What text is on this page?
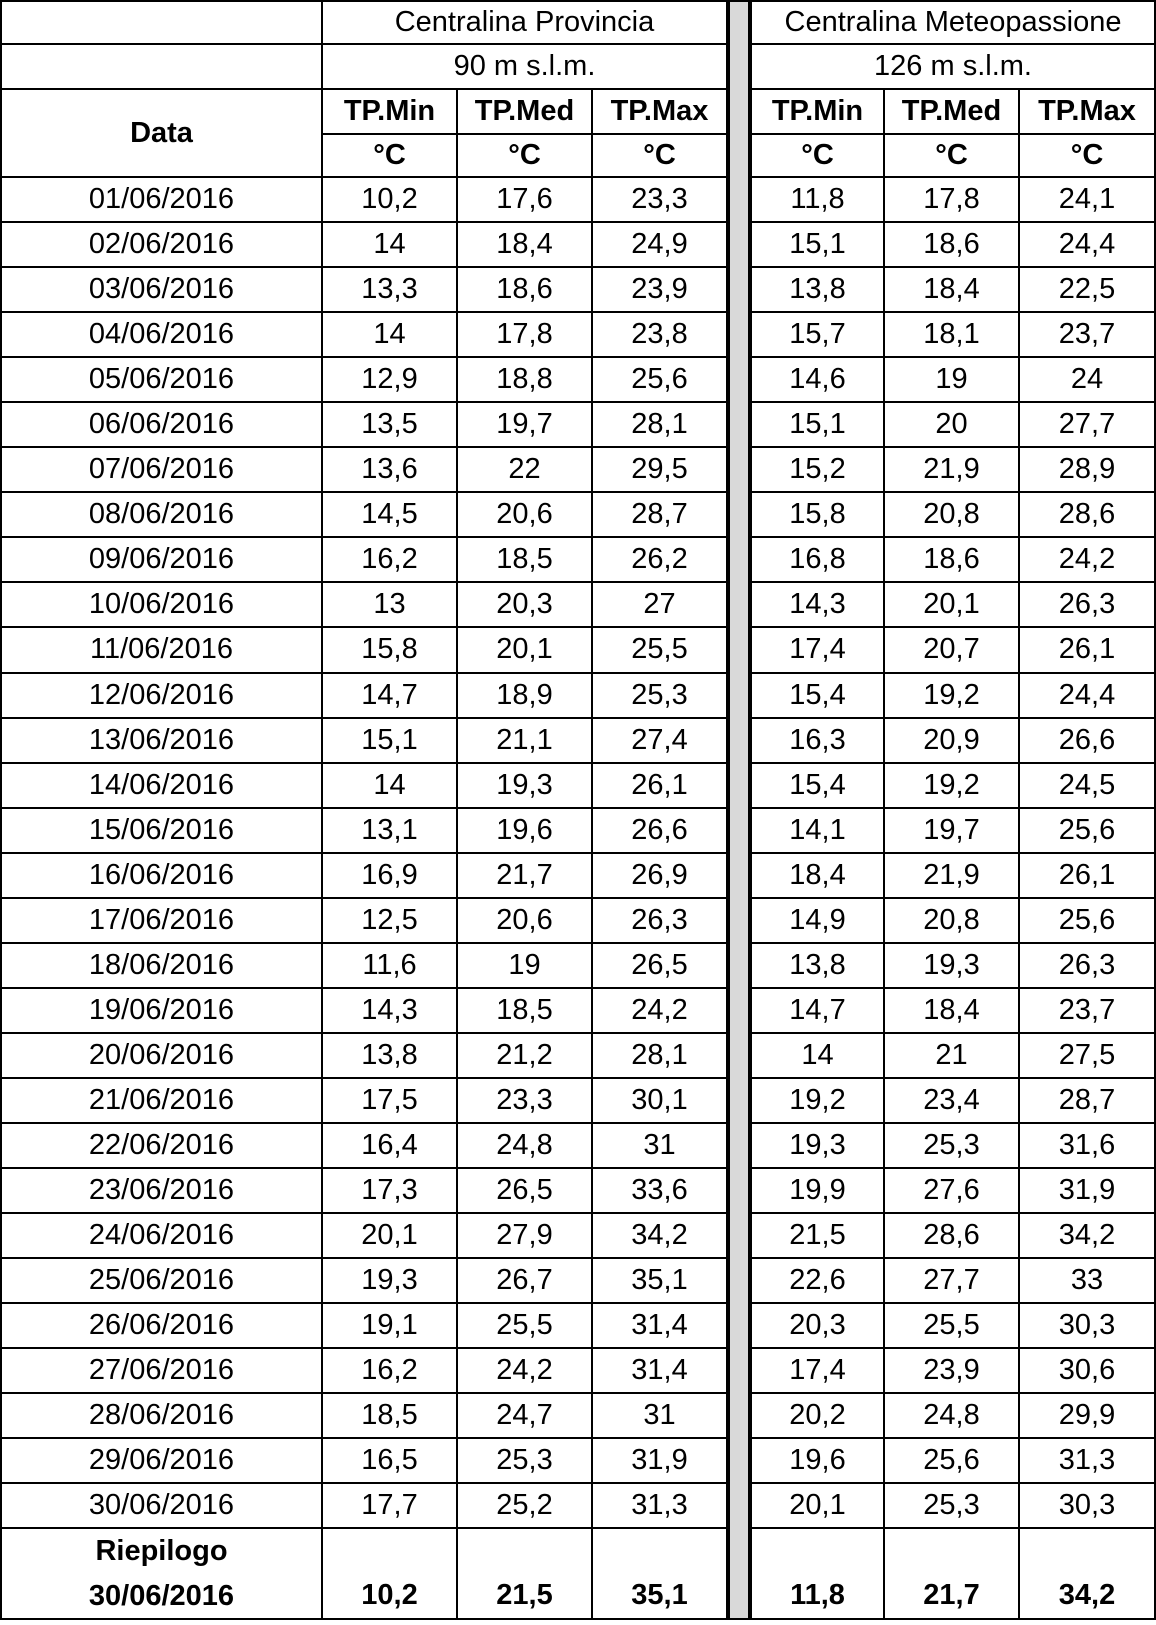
Centralina Provincia	Centralina Meteopassione
90 m s.l.m.	126 m s.l.m.
Data
TP.Min	TP.Med	TP.Max	TP.Min	TP.Med	TP.Max
°C	°C	°C	°C	°C	°C
01/06/2016	10,2	17,6	23,3	11,8	17,8	24,1
02/06/2016	14	18,4	24,9	15,1	18,6	24,4
03/06/2016	13,3	18,6	23,9	13,8	18,4	22,5
04/06/2016	14	17,8	23,8	15,7	18,1	23,7
05/06/2016	12,9	18,8	25,6	14,6	19	24
06/06/2016	13,5	19,7	28,1	15,1	20	27,7
07/06/2016	13,6	22	29,5	15,2	21,9	28,9
08/06/2016	14,5	20,6	28,7	15,8	20,8	28,6
09/06/2016	16,2	18,5	26,2	16,8	18,6	24,2
10/06/2016	13	20,3	27	14,3	20,1	26,3
11/06/2016	15,8	20,1	25,5	17,4	20,7	26,1
12/06/2016	14,7	18,9	25,3	15,4	19,2	24,4
13/06/2016	15,1	21,1	27,4	16,3	20,9	26,6
14/06/2016	14	19,3	26,1	15,4	19,2	24,5
15/06/2016	13,1	19,6	26,6	14,1	19,7	25,6
16/06/2016	16,9	21,7	26,9	18,4	21,9	26,1
17/06/2016	12,5	20,6	26,3	14,9	20,8	25,6
18/06/2016	11,6	19	26,5	13,8	19,3	26,3
19/06/2016	14,3	18,5	24,2	14,7	18,4	23,7
20/06/2016	13,8	21,2	28,1	14	21	27,5
21/06/2016	17,5	23,3	30,1	19,2	23,4	28,7
22/06/2016	16,4	24,8	31	19,3	25,3	31,6
23/06/2016	17,3	26,5	33,6	19,9	27,6	31,9
24/06/2016	20,1	27,9	34,2	21,5	28,6	34,2
25/06/2016	19,3	26,7	35,1	22,6	27,7	33
26/06/2016	19,1	25,5	31,4	20,3	25,5	30,3
27/06/2016	16,2	24,2	31,4	17,4	23,9	30,6
28/06/2016	18,5	24,7	31	20,2	24,8	29,9
29/06/2016	16,5	25,3	31,9	19,6	25,6	31,3
30/06/2016	17,7	25,2	31,3	20,1	25,3	30,3
Riepilogo
30/06/2016	10,2	21,5	35,1	11,8	21,7	34,2
